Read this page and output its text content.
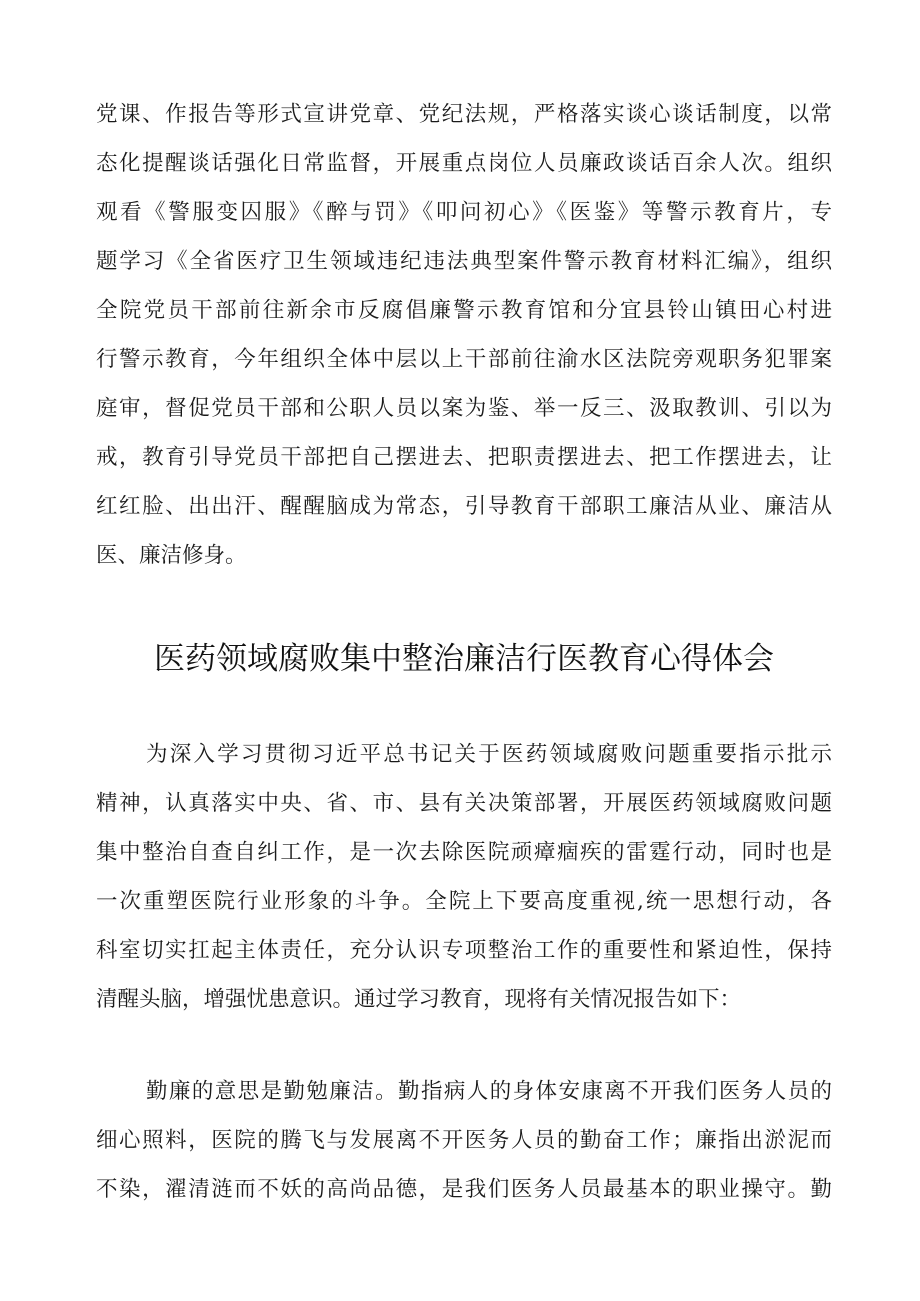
党课、作报告等形式宣讲党章、党纪法规，严格落实谈心谈话制度，以常
态化提醒谈话强化日常监督，开展重点岗位人员廉政谈话百余人次。组织
观看《警服变囚服》《醉与罚》《叩问初心》《医鉴》等警示教育片，专
题学习《全省医疗卫生领域违纪违法典型案件警示教育材料汇编》，组织
全院党员干部前往新余市反腐倡廉警示教育馆和分宜县铃山镇田心村进
行警示教育，今年组织全体中层以上干部前往渝水区法院旁观职务犯罪案
庭审，督促党员干部和公职人员以案为鉴、举一反三、汲取教训、引以为
戒，教育引导党员干部把自己摆进去、把职责摆进去、把工作摆进去，让
红红脸、出出汗、醒醒脑成为常态，引导教育干部职工廉洁从业、廉洁从
医、廉洁修身。
医药领域腐败集中整治廉洁行医教育心得体会
为深入学习贯彻习近平总书记关于医药领域腐败问题重要指示批示
精神，认真落实中央、省、市、县有关决策部署，开展医药领域腐败问题
集中整治自查自纠工作，是一次去除医院顽瘴痼疾的雷霆行动，同时也是
一次重塑医院行业形象的斗争。全院上下要高度重视,统一思想行动，各
科室切实扛起主体责任，充分认识专项整治工作的重要性和紧迫性，保持
清醒头脑，增强忧患意识。通过学习教育，现将有关情况报告如下：
勤廉的意思是勤勉廉洁。勤指病人的身体安康离不开我们医务人员的
细心照料，医院的腾飞与发展离不开医务人员的勤奋工作；廉指出淤泥而
不染，濯清涟而不妖的高尚品德，是我们医务人员最基本的职业操守。勤
